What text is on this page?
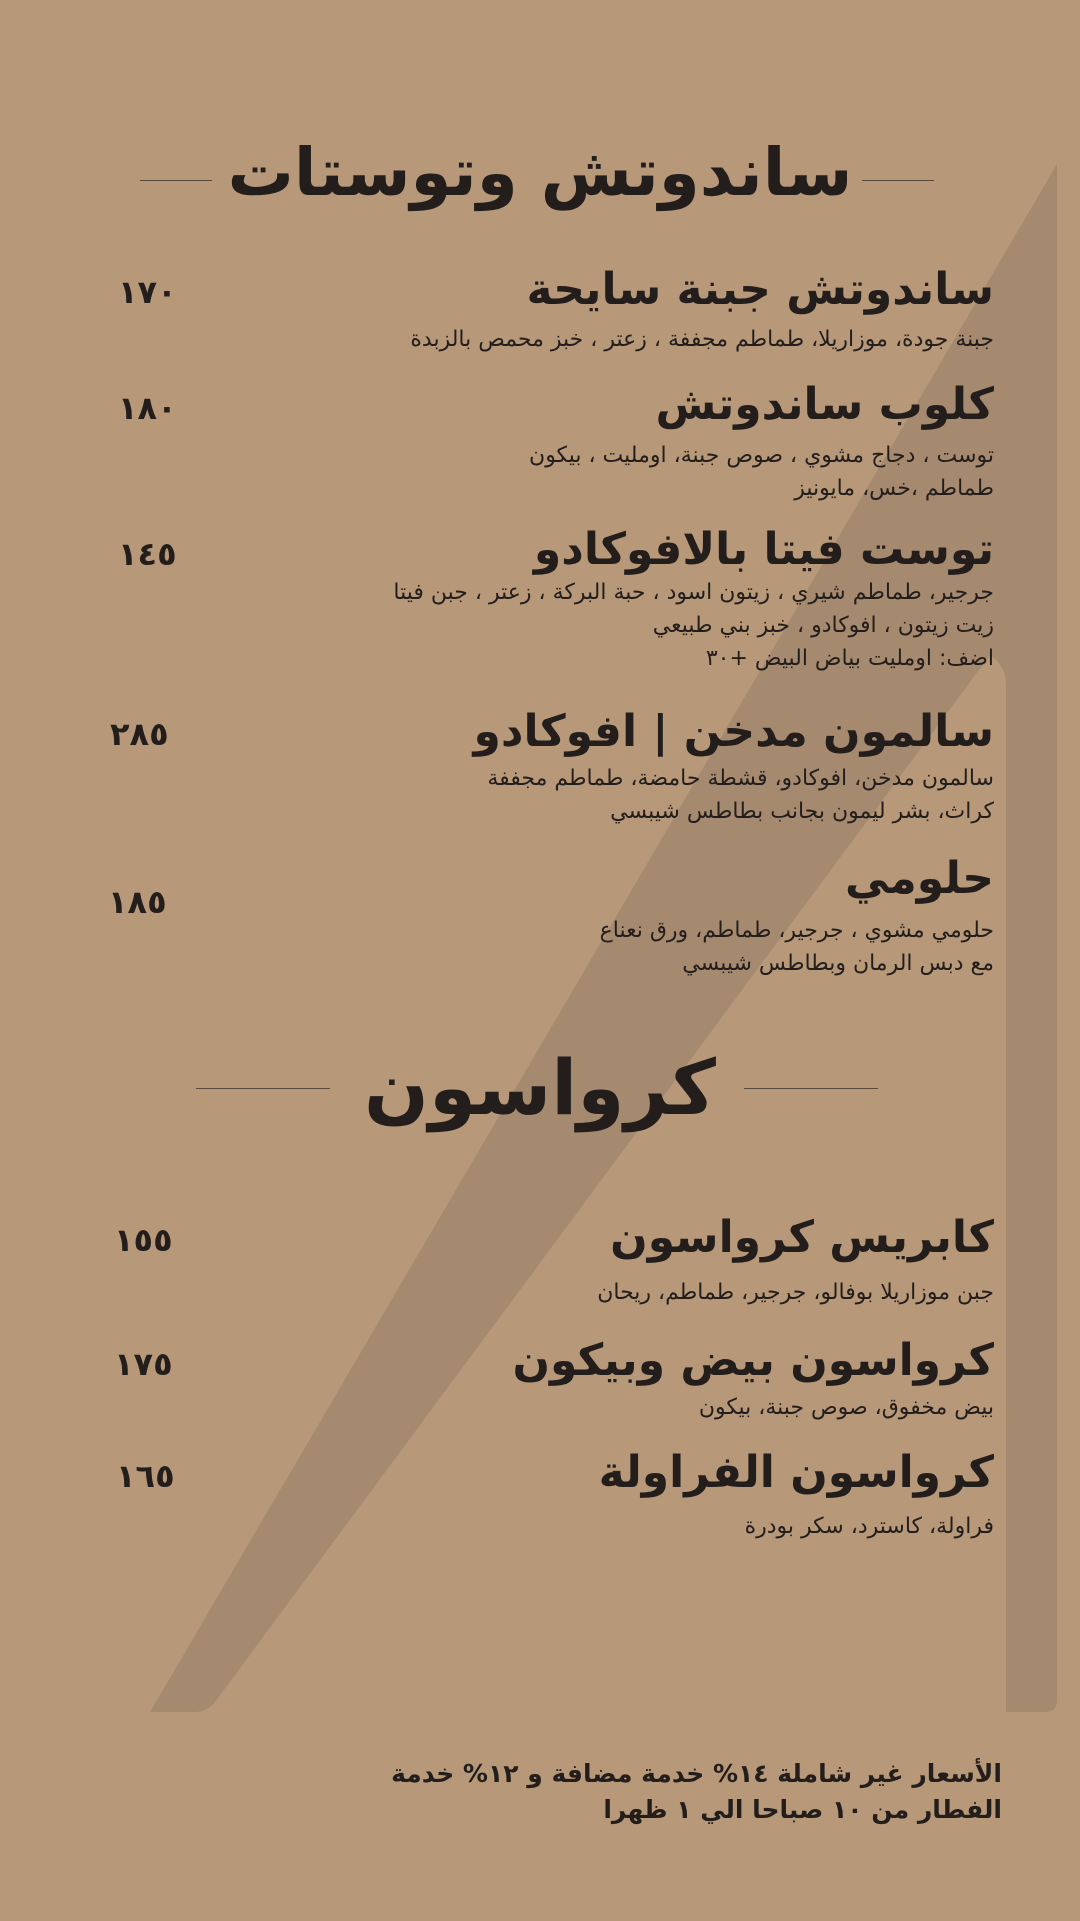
ساندوتش وتوستات
ساندوتش جبنة سايحة
١٧٠

جبنة جودة، موزاريلا، طماطم مجففة ، زعتر ، خبز محمص بالزبدة

كلوب ساندوتش
١٨٠

توست ، دجاج مشوي ، صوص جبنة، اومليت ، بيكون
طماطم ،خس، مايونيز

توست فيتا بالافوكادو
١٤٥

جرجير، طماطم شيري ، زيتون اسود ، حبة البركة ، زعتر ، جبن فيتا
زيت زيتون ، افوكادو ، خبز بني طبيعي
اضف: اومليت بياض البيض +٣٠

سالمون مدخن | افوكادو
٢٨٥

سالمون مدخن، افوكادو، قشطة حامضة، طماطم مجففة
كراث، بشر ليمون بجانب بطاطس شيبسي

حلومي
١٨٥

حلومي مشوي ، جرجير، طماطم، ورق نعناع
مع دبس الرمان وبطاطس شيبسي

كرواسون
كابريس كرواسون
١٥٥

جبن موزاريلا بوفالو، جرجير، طماطم، ريحان

كرواسون بيض وبيكون
١٧٥

بيض مخفوق، صوص جبنة، بيكون

كرواسون الفراولة
١٦٥

فراولة، كاسترد، سكر بودرة

الأسعار غير شاملة ١٤% خدمة مضافة و ١٢% خدمة
الفطار من ١٠ صباحا الي ١ ظهرا
